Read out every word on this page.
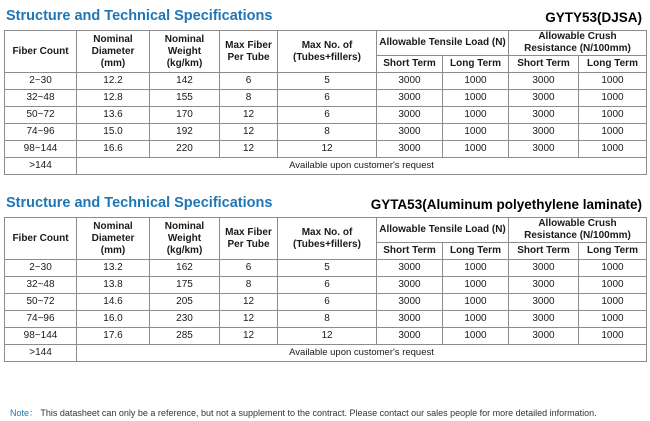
Structure and Technical Specifications	GYTY53(DJSA)
Fiber Count	Nominal Diameter (mm)	Nominal Weight (kg/km)	Max Fiber Per Tube	Max No. of (Tubes+fillers)	Allowable Tensile Load (N)		Allowable Crush Resistance (N/100mm)	
					Short Term	Long Term	Short Term	Long Term
2~30	12.2	142	6	5	3000	1000	3000	1000
32~48	12.8	155	8	6	3000	1000	3000	1000
50~72	13.6	170	12	6	3000	1000	3000	1000
74~96	15.0	192	12	8	3000	1000	3000	1000
98~144	16.6	220	12	12	3000	1000	3000	1000
>144	Available upon customer's request							
Structure and Technical Specifications	GYTA53(Aluminum polyethylene laminate)
Fiber Count	Nominal Diameter (mm)	Nominal Weight (kg/km)	Max Fiber Per Tube	Max No. of (Tubes+fillers)	Allowable Tensile Load (N)		Allowable Crush Resistance (N/100mm)	
					Short Term	Long Term	Short Term	Long Term
2~30	13.2	162	6	5	3000	1000	3000	1000
32~48	13.8	175	8	6	3000	1000	3000	1000
50~72	14.6	205	12	6	3000	1000	3000	1000
74~96	16.0	230	12	8	3000	1000	3000	1000
98~144	17.6	285	12	12	3000	1000	3000	1000
>144	Available upon customer's request							
Note： This datasheet can only be a reference, but not a supplement to the contract. Please contact our sales people for more detailed information.
